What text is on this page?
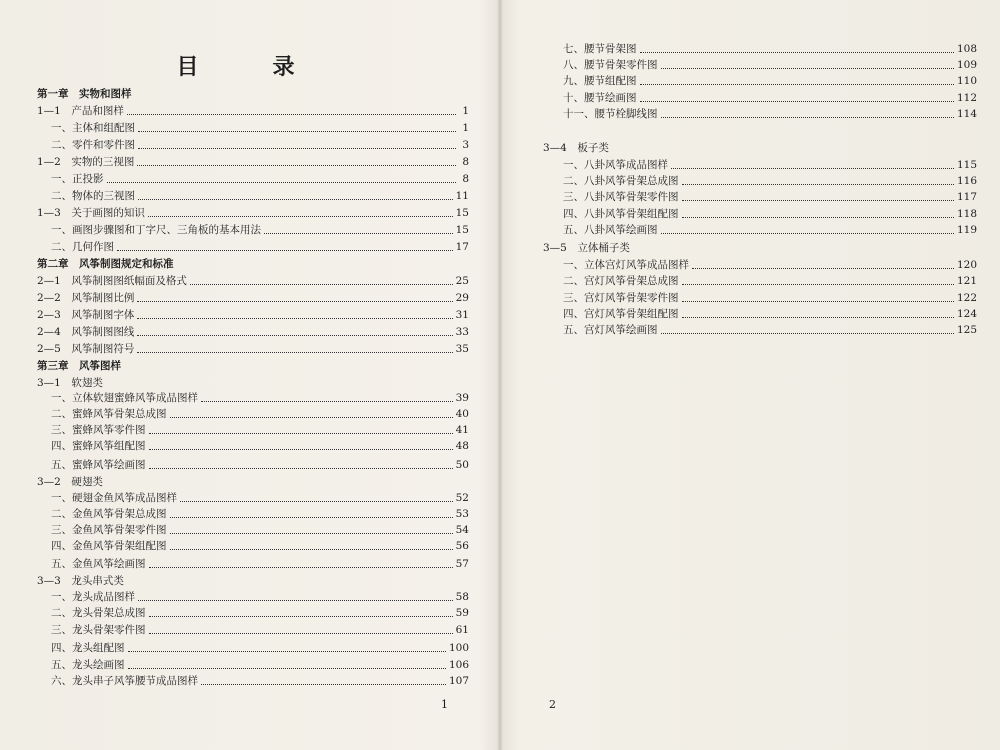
目　录
第一章　实物和图样
1—1　产品和图样	1
一、主体和组配图	1
二、零件和零件图	3
1—2　实物的三视图	8
一、正投影	8
二、物体的三视图	11
1—3　关于画图的知识	15
一、画图步骤图和丁字尺、三角板的基本用法	15
二、几何作图	17
第二章　风筝制图规定和标准
2—1　风筝制图图纸幅面及格式	25
2—2　风筝制图比例	29
2—3　风筝制图字体	31
2—4　风筝制图图线	33
2—5　风筝制图符号	35
第三章　风筝图样
3—1　软翅类
一、立体软翅蜜蜂风筝成品图样	39
二、蜜蜂风筝骨架总成图	40
三、蜜蜂风筝零件图	41
四、蜜蜂风筝组配图	48
五、蜜蜂风筝绘画图	50
3—2　硬翅类
一、硬翅金鱼风筝成品图样	52
二、金鱼风筝骨架总成图	53
三、金鱼风筝骨架零件图	54
四、金鱼风筝骨架组配图	56
五、金鱼风筝绘画图	57
3—3　龙头串式类
一、龙头成品图样	58
二、龙头骨架总成图	59
三、龙头骨架零件图	61
四、龙头组配图	100
五、龙头绘画图	106
六、龙头串子风筝腰节成品图样	107
1
七、腰节骨架图	108
八、腰节骨架零件图	109
九、腰节组配图	110
十、腰节绘画图	112
十一、腰节栓脚线图	114
3—4　板子类
一、八卦风筝成品图样	115
二、八卦风筝骨架总成图	116
三、八卦风筝骨架零件图	117
四、八卦风筝骨架组配图	118
五、八卦风筝绘画图	119
3—5　立体桶子类
一、立体宫灯风筝成品图样	120
二、宫灯风筝骨架总成图	121
三、宫灯风筝骨架零件图	122
四、宫灯风筝骨架组配图	124
五、宫灯风筝绘画图	125
2
